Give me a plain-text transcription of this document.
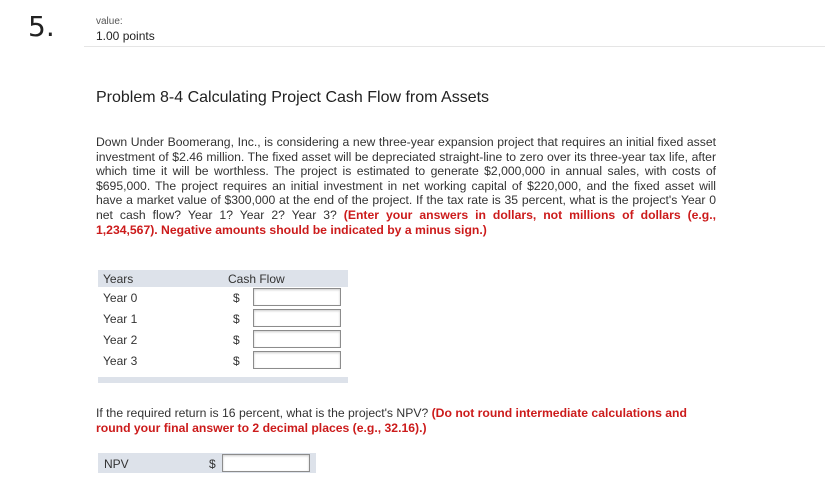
5.	value:
1.00 points
Problem 8-4 Calculating Project Cash Flow from Assets
Down Under Boomerang, Inc., is considering a new three-year expansion project that requires an initial fixed asset investment of $2.46 million. The fixed asset will be depreciated straight-line to zero over its three-year tax life, after which time it will be worthless. The project is estimated to generate $2,000,000 in annual sales, with costs of $695,000. The project requires an initial investment in net working capital of $220,000, and the fixed asset will have a market value of $300,000 at the end of the project. If the tax rate is 35 percent, what is the project's Year 0 net cash flow? Year 1? Year 2? Year 3? (Enter your answers in dollars, not millions of dollars (e.g., 1,234,567). Negative amounts should be indicated by a minus sign.)
Years	Cash Flow
Year 0	$
Year 1	$
Year 2	$
Year 3	$
If the required return is 16 percent, what is the project's NPV? (Do not round intermediate calculations and round your final answer to 2 decimal places (e.g., 32.16).)
NPV	$
